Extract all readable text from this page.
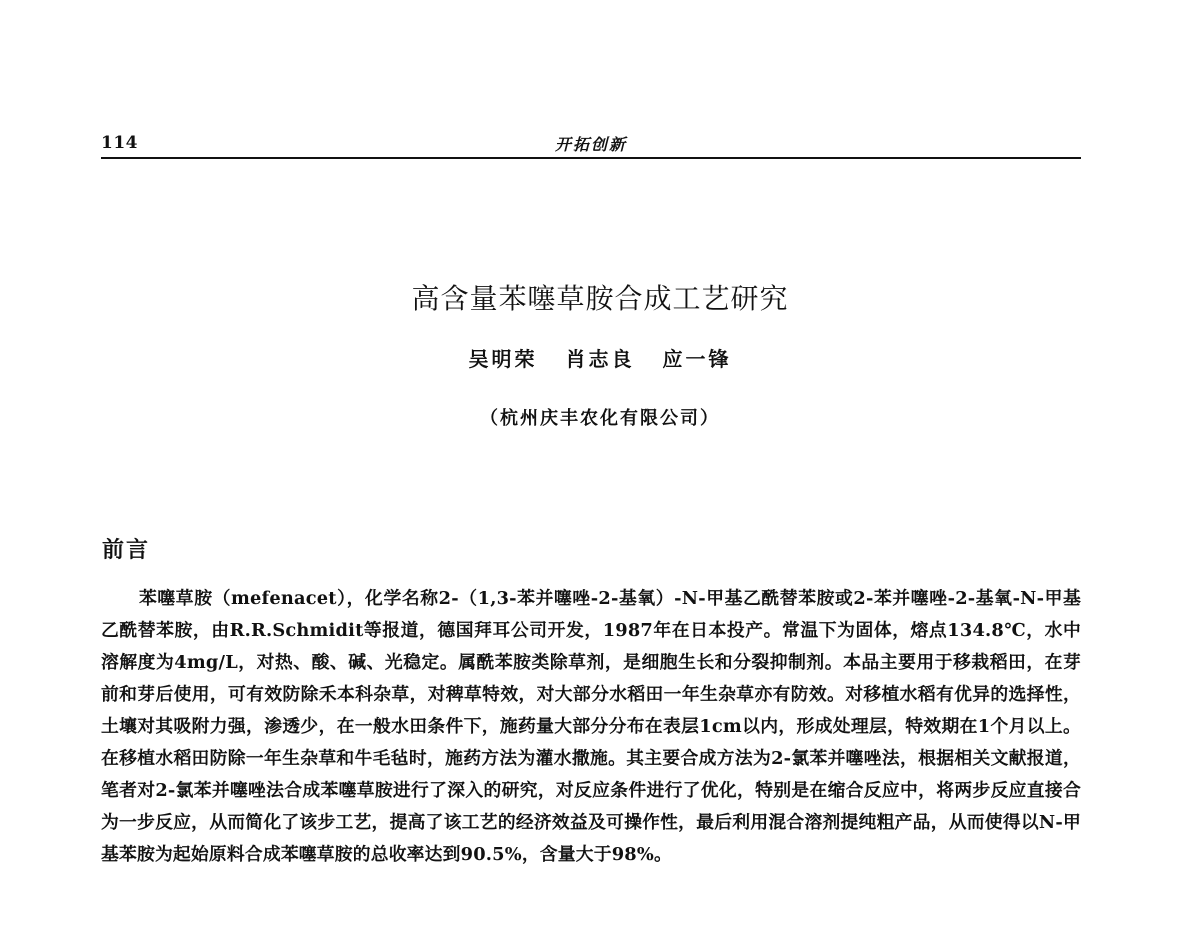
114	开拓创新
高含量苯噻草胺合成工艺研究
吴明荣 肖志良 应一锋
（杭州庆丰农化有限公司）
前言

苯噻草胺（mefenacet），化学名称2-（1,3-苯并噻唑-2-基氧）-N-甲基乙酰替苯胺或2-苯并噻唑-2-基氧-N-甲基乙酰替苯胺，由R.R.Schmidit等报道，德国拜耳公司开发，1987年在日本投产。常温下为固体，熔点134.8℃，水中溶解度为4mg/L，对热、酸、碱、光稳定。属酰苯胺类除草剂，是细胞生长和分裂抑制剂。本品主要用于移栽稻田，在芽前和芽后使用，可有效防除禾本科杂草，对稗草特效，对大部分水稻田一年生杂草亦有防效。对移植水稻有优异的选择性，土壤对其吸附力强，渗透少，在一般水田条件下，施药量大部分分布在表层1cm以内，形成处理层，特效期在1个月以上。在移植水稻田防除一年生杂草和牛毛毡时，施药方法为灌水撒施。其主要合成方法为2-氯苯并噻唑法，根据相关文献报道，笔者对2-氯苯并噻唑法合成苯噻草胺进行了深入的研究，对反应条件进行了优化，特别是在缩合反应中，将两步反应直接合为一步反应，从而简化了该步工艺，提高了该工艺的经济效益及可操作性，最后利用混合溶剂提纯粗产品，从而使得以N-甲基苯胺为起始原料合成苯噻草胺的总收率达到90.5%，含量大于98%。
